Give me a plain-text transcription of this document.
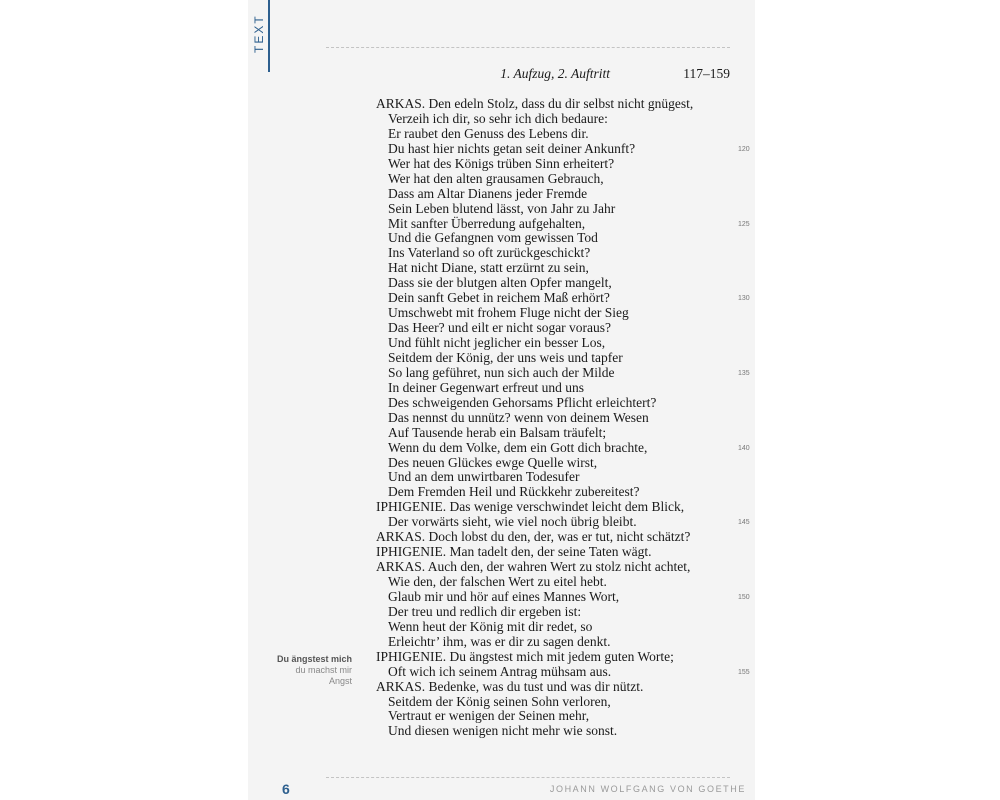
TEXT
1. Aufzug, 2. Auftritt	117–159
ARKAS. Den edeln Stolz, dass du dir selbst nicht gnügest,
Verzeih ich dir, so sehr ich dich bedaure:
Er raubet den Genuss des Lebens dir.
Du hast hier nichts getan seit deiner Ankunft?	120
Wer hat des Königs trüben Sinn erheitert?
Wer hat den alten grausamen Gebrauch,
Dass am Altar Dianens jeder Fremde
Sein Leben blutend lässt, von Jahr zu Jahr
Mit sanfter Überredung aufgehalten,	125
Und die Gefangnen vom gewissen Tod
Ins Vaterland so oft zurückgeschickt?
Hat nicht Diane, statt erzürnt zu sein,
Dass sie der blutgen alten Opfer mangelt,
Dein sanft Gebet in reichem Maß erhört?	130
Umschwebt mit frohem Fluge nicht der Sieg
Das Heer? und eilt er nicht sogar voraus?
Und fühlt nicht jeglicher ein besser Los,
Seitdem der König, der uns weis und tapfer
So lang geführet, nun sich auch der Milde	135
In deiner Gegenwart erfreut und uns
Des schweigenden Gehorsams Pflicht erleichtert?
Das nennst du unnütz? wenn von deinem Wesen
Auf Tausende herab ein Balsam träufelt;
Wenn du dem Volke, dem ein Gott dich brachte,	140
Des neuen Glückes ewge Quelle wirst,
Und an dem unwirtbaren Todesufer
Dem Fremden Heil und Rückkehr zubereitest?
IPHIGENIE. Das wenige verschwindet leicht dem Blick,
Der vorwärts sieht, wie viel noch übrig bleibt.	145
ARKAS. Doch lobst du den, der, was er tut, nicht schätzt?
IPHIGENIE. Man tadelt den, der seine Taten wägt.
ARKAS. Auch den, der wahren Wert zu stolz nicht achtet,
Wie den, der falschen Wert zu eitel hebt.
Glaub mir und hör auf eines Mannes Wort,	150
Der treu und redlich dir ergeben ist:
Wenn heut der König mit dir redet, so
Erleichtr’ ihm, was er dir zu sagen denkt.
IPHIGENIE. Du ängstest mich mit jedem guten Worte;
Oft wich ich seinem Antrag mühsam aus.	155
ARKAS. Bedenke, was du tust und was dir nützt.
Seitdem der König seinen Sohn verloren,
Vertraut er wenigen der Seinen mehr,
Und diesen wenigen nicht mehr wie sonst.
Du ängstest mich
du machst mir
Angst
6	JOHANN WOLFGANG VON GOETHE
